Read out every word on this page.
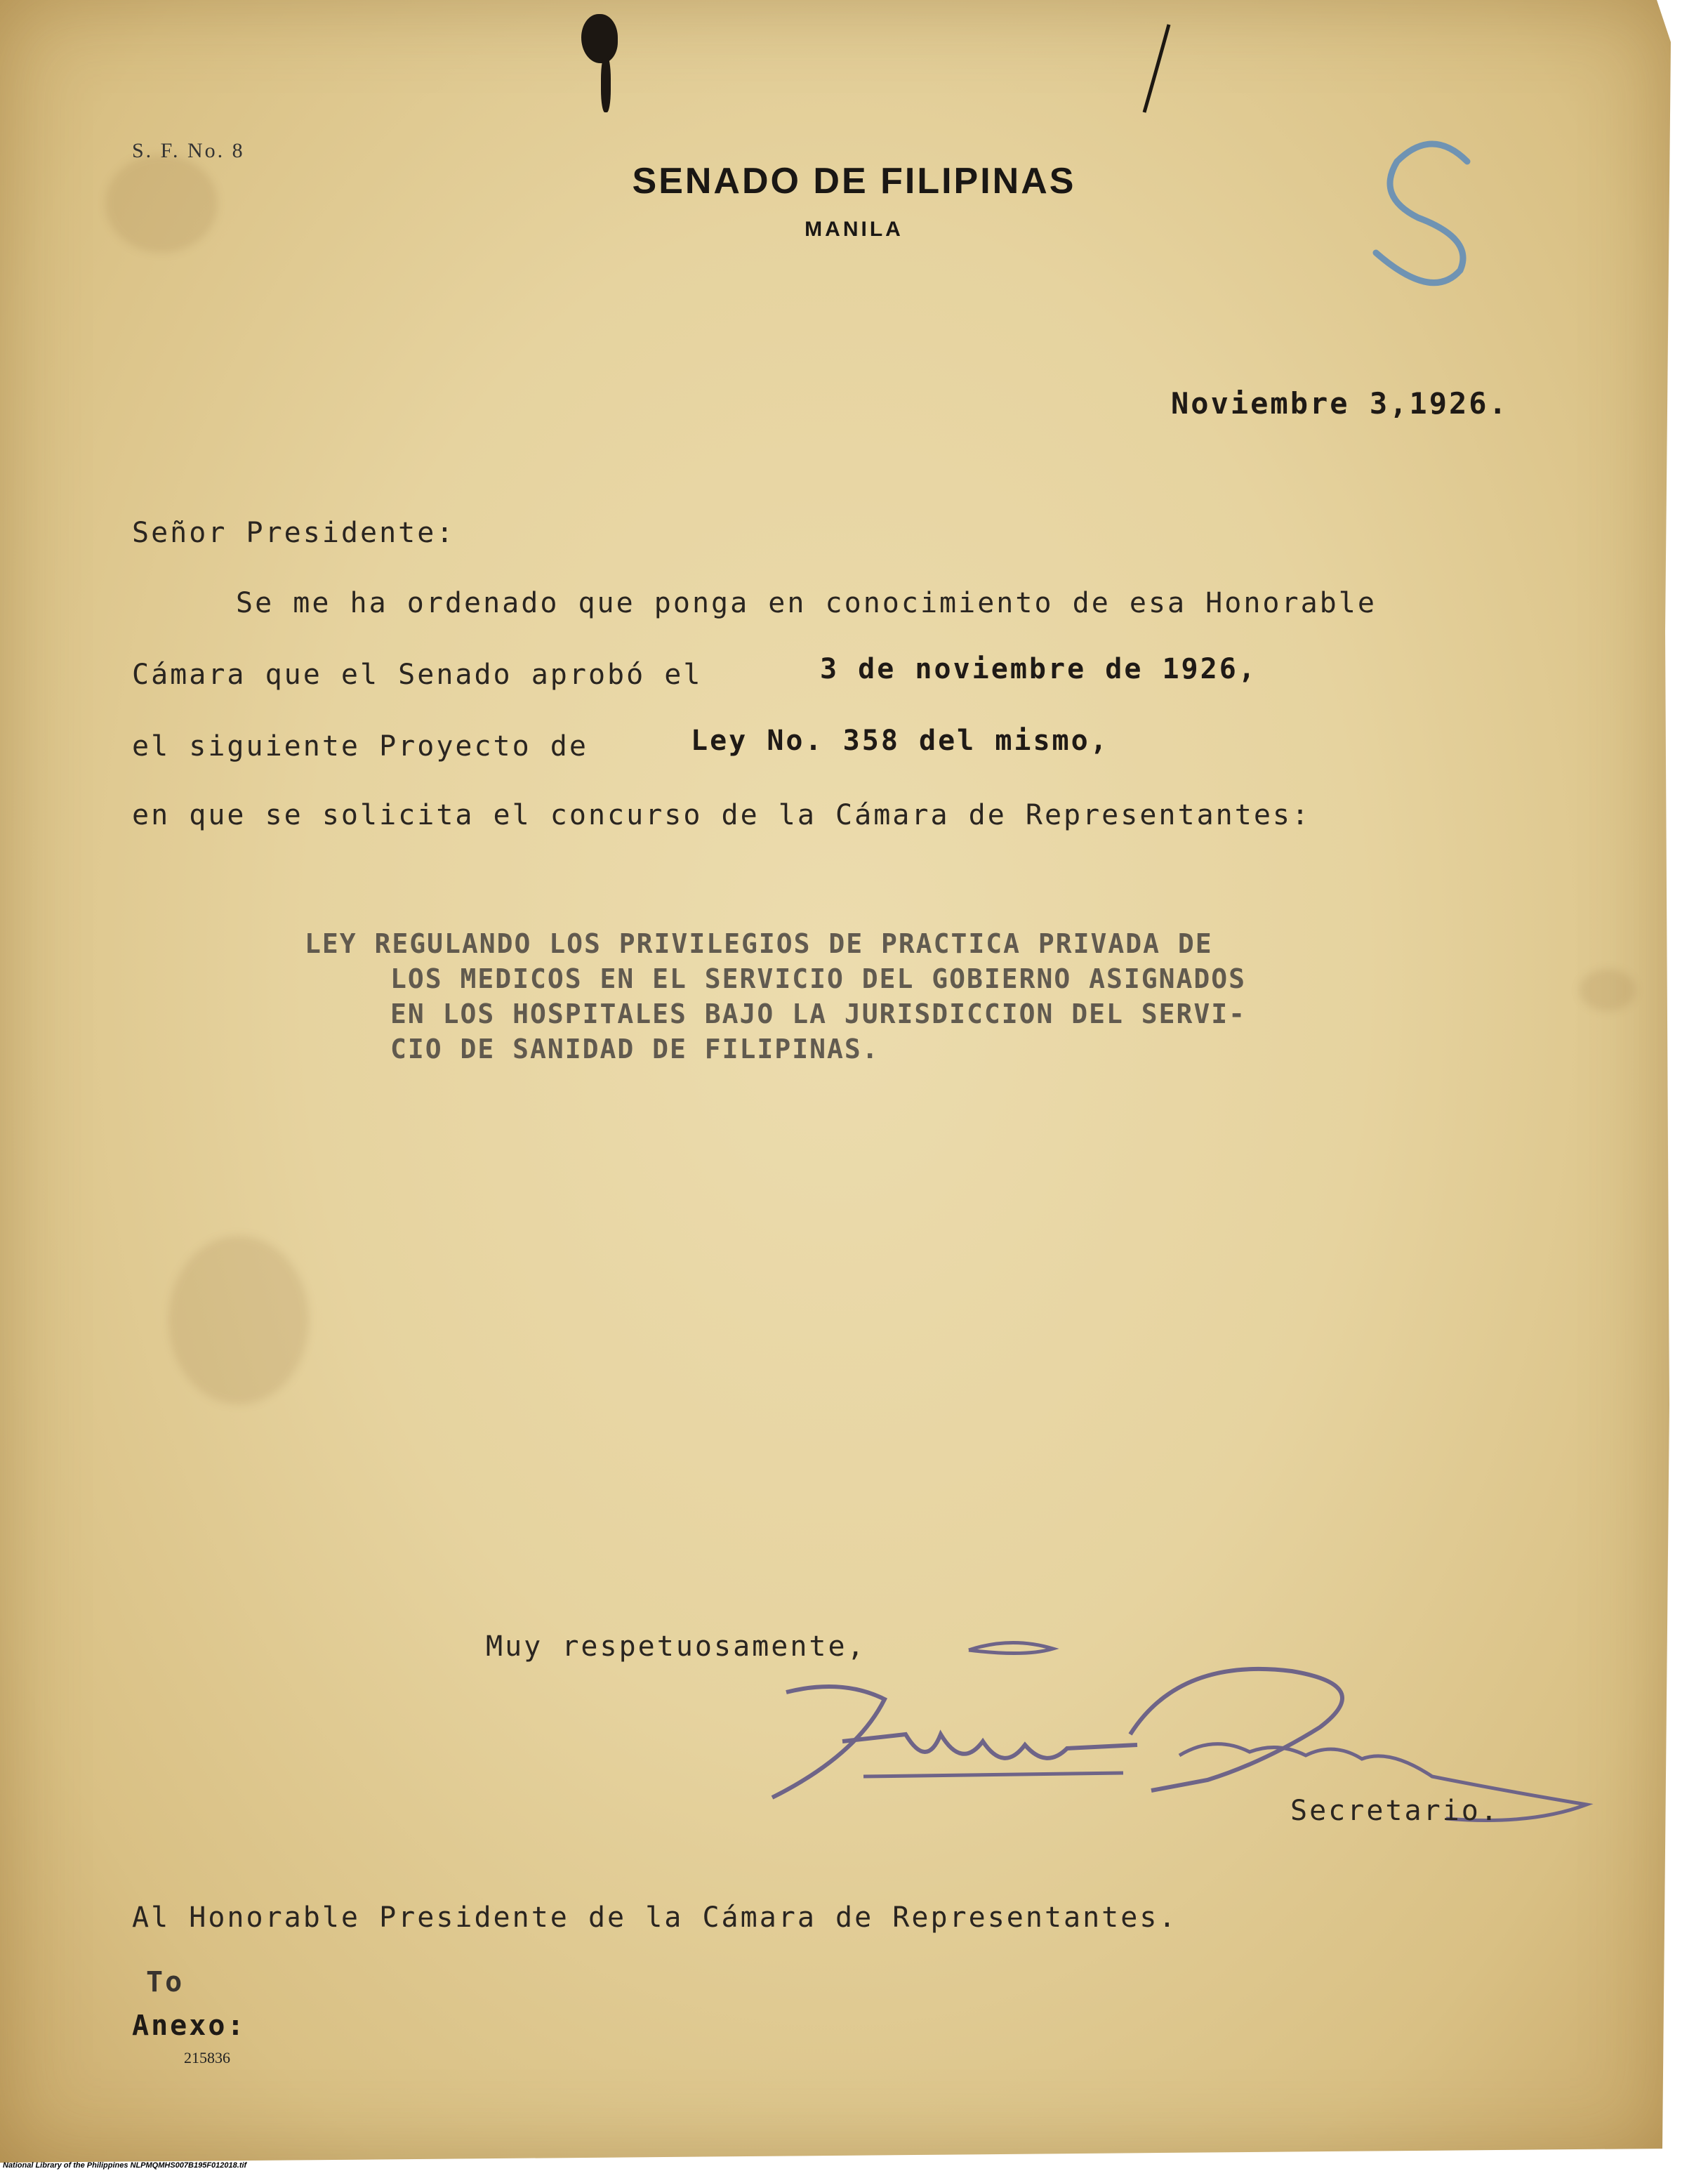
S. F. No. 8
SENADO DE FILIPINAS
MANILA
Noviembre 3,1926.
Señor Presidente:
Se me ha ordenado que ponga en conocimiento de esa Honorable
Cámara que el Senado aprobó el	3 de noviembre de 1926,
el siguiente Proyecto de	Ley No. 358 del mismo,
en que se solicita el concurso de la Cámara de Representantes:
LEY REGULANDO LOS PRIVILEGIOS DE PRACTICA PRIVADA DE
LOS MEDICOS EN EL SERVICIO DEL GOBIERNO ASIGNADOS
EN LOS HOSPITALES BAJO LA JURISDICCION DEL SERVI-
CIO DE SANIDAD DE FILIPINAS.
Muy respetuosamente,
Secretario.
Al Honorable Presidente de la Cámara de Representantes.
To
Anexo:
215836
National Library of the Philippines NLPMQMHS007B195F012018.tif
